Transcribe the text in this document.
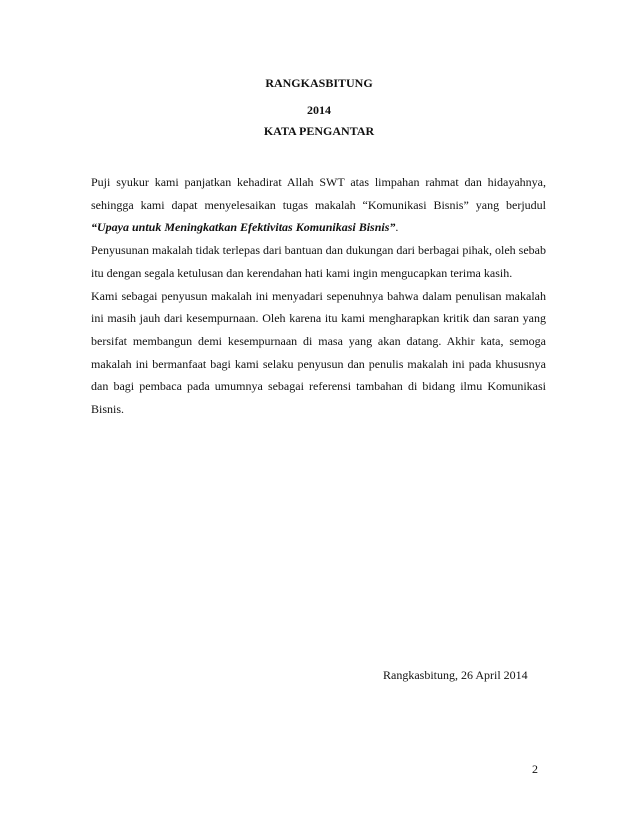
RANGKASBITUNG
2014
KATA PENGANTAR

Puji syukur kami panjatkan kehadirat Allah SWT atas limpahan rahmat dan hidayahnya, sehingga kami dapat menyelesaikan tugas makalah “Komunikasi Bisnis” yang berjudul “Upaya untuk Meningkatkan Efektivitas Komunikasi Bisnis”.

Penyusunan makalah tidak terlepas dari bantuan dan dukungan dari berbagai pihak, oleh sebab itu dengan segala ketulusan dan kerendahan hati kami ingin mengucapkan terima kasih.

Kami sebagai penyusun makalah ini menyadari sepenuhnya bahwa dalam penulisan makalah ini masih jauh dari kesempurnaan. Oleh karena itu kami mengharapkan kritik dan saran yang bersifat membangun demi kesempurnaan di masa yang akan datang. Akhir kata, semoga makalah ini bermanfaat bagi kami selaku penyusun dan penulis makalah ini pada khususnya dan bagi pembaca pada umumnya sebagai referensi tambahan di bidang ilmu Komunikasi Bisnis.

Rangkasbitung, 26 April 2014
2
